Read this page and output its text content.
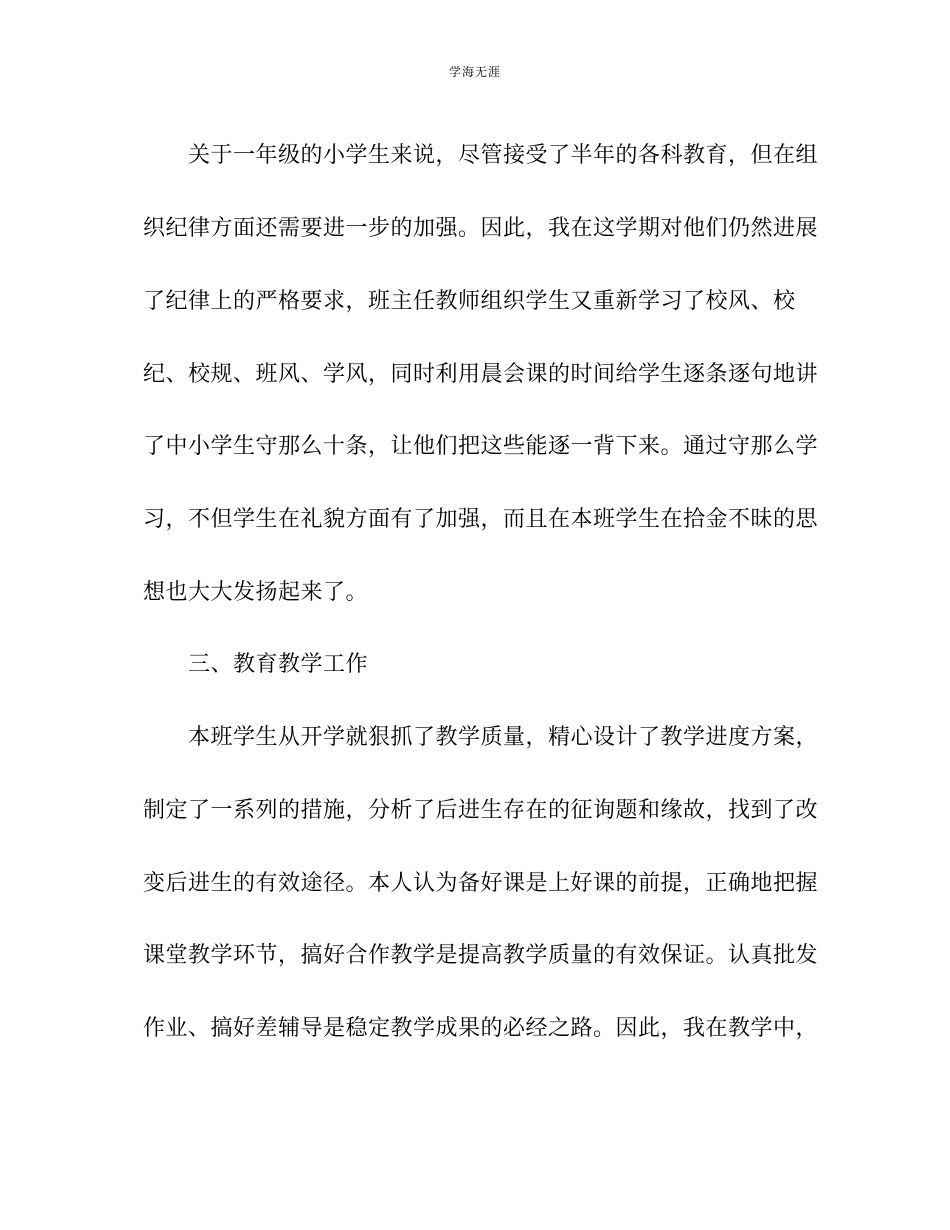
学海无涯
　　关于一年级的小学生来说，尽管接受了半年的各科教育，但在组
织纪律方面还需要进一步的加强。因此，我在这学期对他们仍然进展
了纪律上的严格要求，班主任教师组织学生又重新学习了校风、校
纪、校规、班风、学风，同时利用晨会课的时间给学生逐条逐句地讲
了中小学生守那么十条，让他们把这些能逐一背下来。通过守那么学
习，不但学生在礼貌方面有了加强，而且在本班学生在拾金不昧的思
想也大大发扬起来了。
　　三、教育教学工作
　　本班学生从开学就狠抓了教学质量，精心设计了教学进度方案，
制定了一系列的措施，分析了后进生存在的征询题和缘故，找到了改
变后进生的有效途径。本人认为备好课是上好课的前提，正确地把握
课堂教学环节，搞好合作教学是提高教学质量的有效保证。认真批发
作业、搞好差辅导是稳定教学成果的必经之路。因此，我在教学中，
